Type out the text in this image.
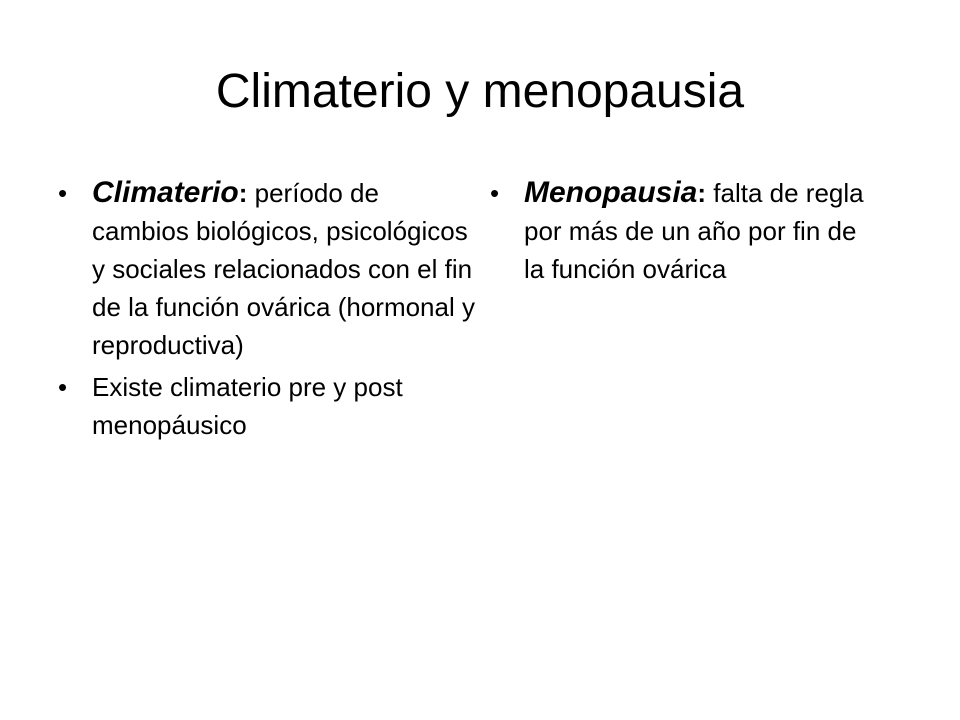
Climaterio y menopausia
• Climaterio: período de cambios biológicos, psicológicos y sociales relacionados con el fin de la función ovárica (hormonal y reproductiva)
• Existe climaterio pre y post menopáusico
• Menopausia: falta de regla por más de un año por fin de la función ovárica
